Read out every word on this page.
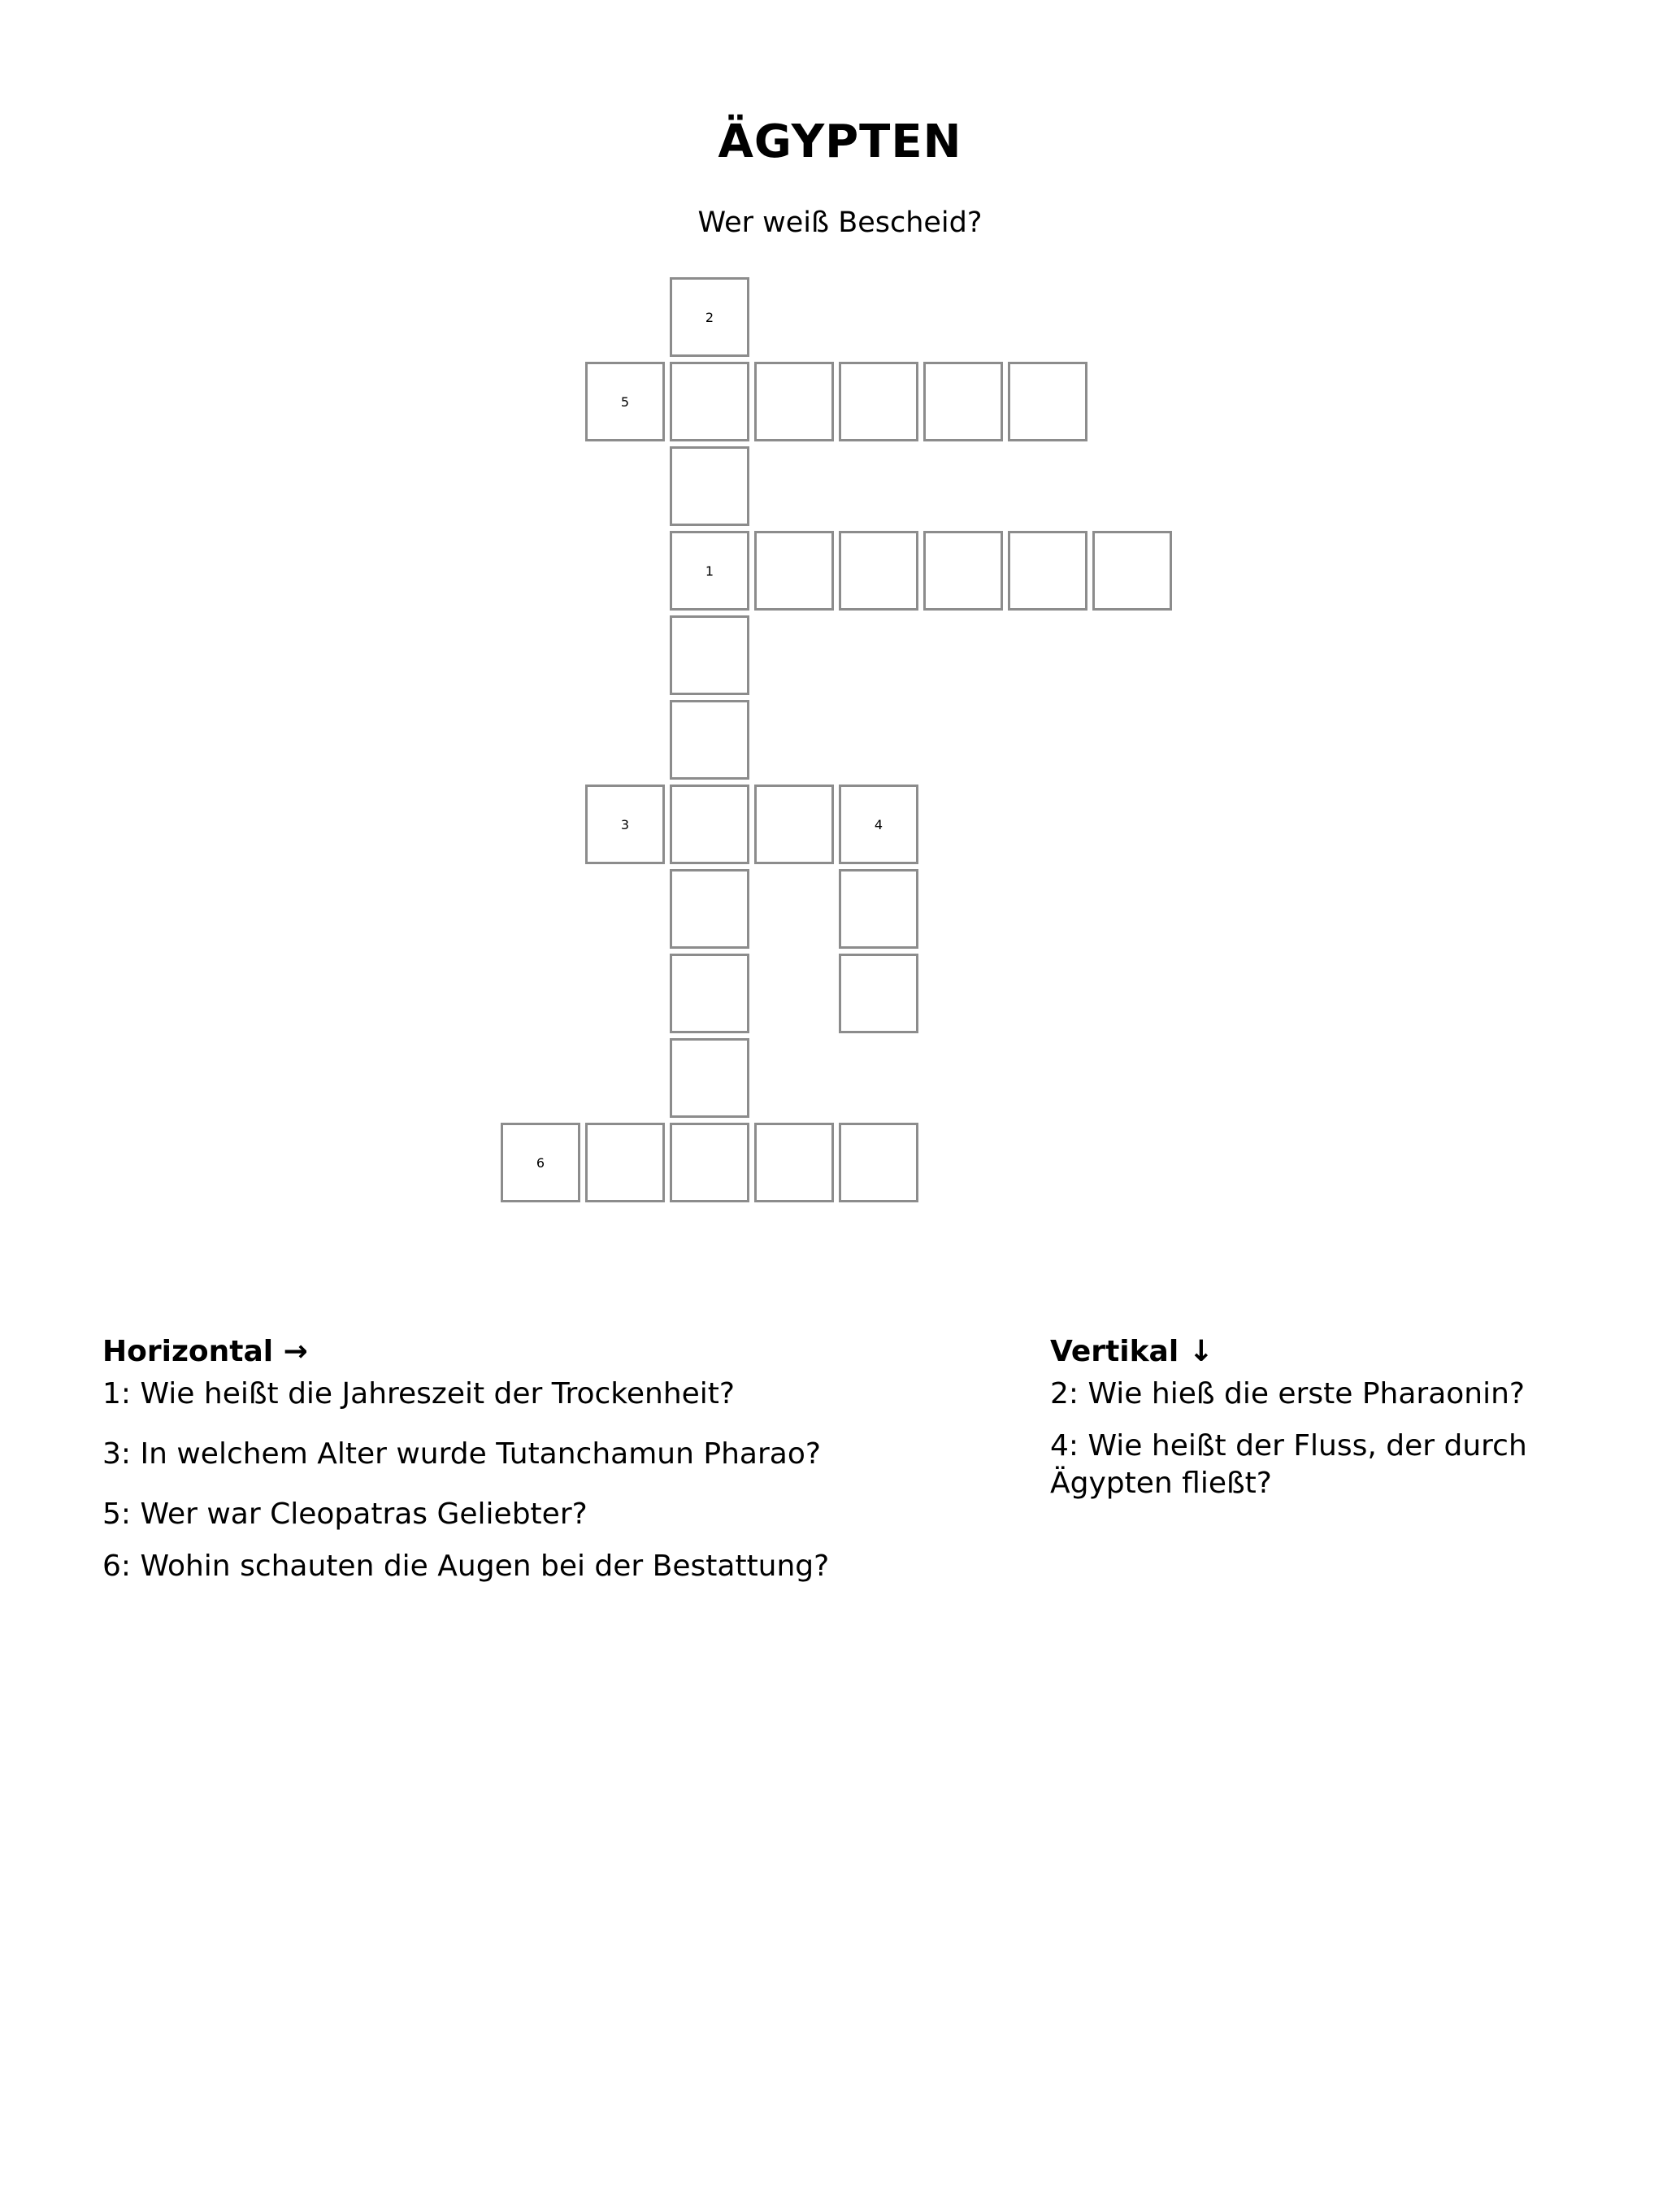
ÄGYPTEN
Wer weiß Bescheid?
2
5
1
3	4
6
Horizontal →
1: Wie heißt die Jahreszeit der Trockenheit?
3: In welchem Alter wurde Tutanchamun Pharao?
5: Wer war Cleopatras Geliebter?
6: Wohin schauten die Augen bei der Bestattung?
Vertikal ↓
2: Wie hieß die erste Pharaonin?
4: Wie heißt der Fluss, der durch Ägypten fließt?
